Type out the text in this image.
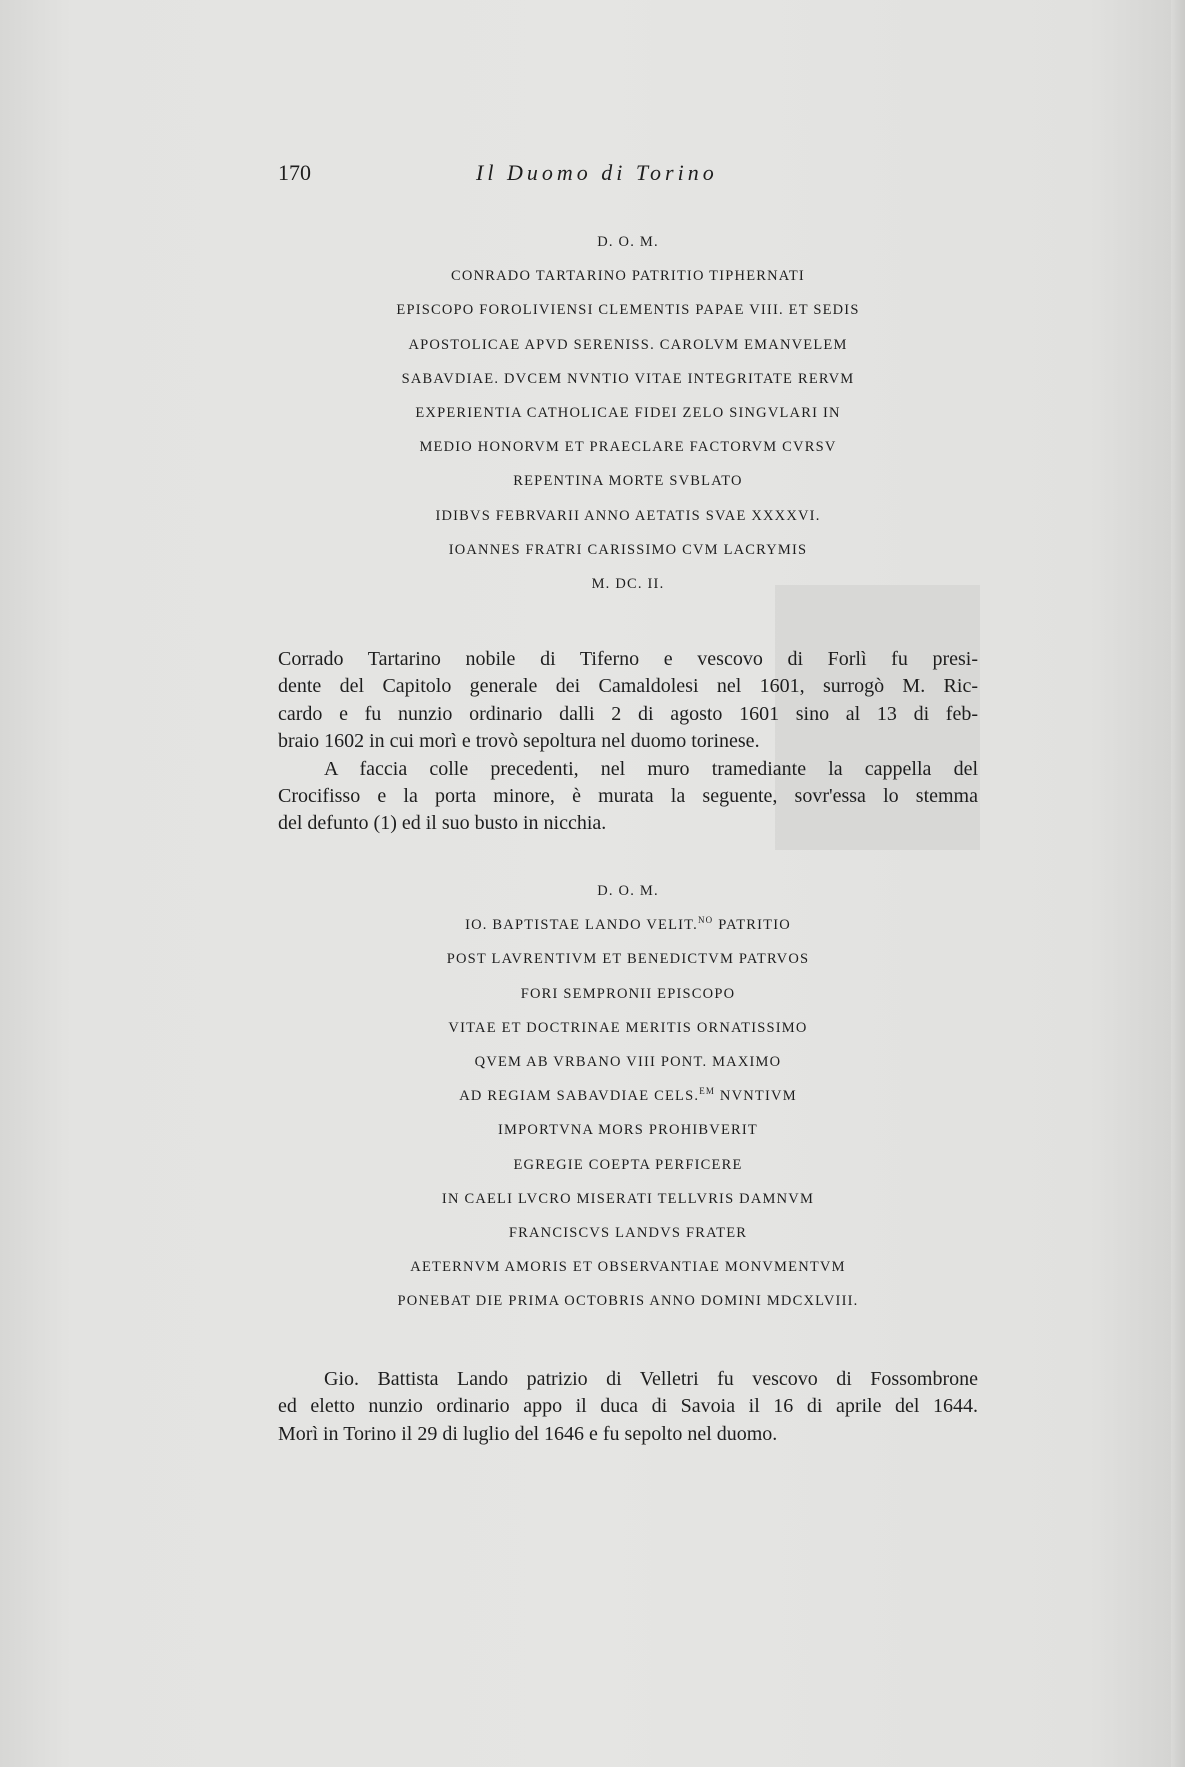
170	Il Duomo di Torino
D. O. M.
CONRADO TARTARINO PATRITIO TIPHERNATI
EPISCOPO FOROLIVIENSI CLEMENTIS PAPAE VIII. ET SEDIS
APOSTOLICAE APVD SERENISS. CAROLVM EMANVELEM
SABAVDIAE. DVCEM NVNTIO VITAE INTEGRITATE RERVM
EXPERIENTIA CATHOLICAE FIDEI ZELO SINGVLARI IN
MEDIO HONORVM ET PRAECLARE FACTORVM CVRSV
REPENTINA MORTE SVBLATO
IDIBVS FEBRVARII ANNO AETATIS SVAE XXXXVI.
IOANNES FRATRI CARISSIMO CVM LACRYMIS
M. DC. II.
Corrado Tartarino nobile di Tiferno e vescovo di Forlì fu presi-
dente del Capitolo generale dei Camaldolesi nel 1601, surrogò M. Ric-
cardo e fu nunzio ordinario dalli 2 di agosto 1601 sino al 13 di feb-
braio 1602 in cui morì e trovò sepoltura nel duomo torinese.
A faccia colle precedenti, nel muro tramediante la cappella del
Crocifisso e la porta minore, è murata la seguente, sovr'essa lo stemma
del defunto (1) ed il suo busto in nicchia.
D. O. M.
IO. BAPTISTAE LANDO VELIT.$^{NO}$ PATRITIO
POST LAVRENTIVM ET BENEDICTVM PATRVOS
FORI SEMPRONII EPISCOPO
VITAE ET DOCTRINAE MERITIS ORNATISSIMO
QVEM AB VRBANO VIII PONT. MAXIMO
AD REGIAM SABAVDIAE CELS.$^{EM}$ NVNTIVM
IMPORTVNA MORS PROHIBVERIT
EGREGIE COEPTA PERFICERE
IN CAELI LVCRO MISERATI TELLVRIS DAMNVM
FRANCISCVS LANDVS FRATER
AETERNVM AMORIS ET OBSERVANTIAE MONVMENTVM
PONEBAT DIE PRIMA OCTOBRIS ANNO DOMINI MDCXLVIII.
Gio. Battista Lando patrizio di Velletri fu vescovo di Fossombrone
ed eletto nunzio ordinario appo il duca di Savoia il 16 di aprile del 1644.
Morì in Torino il 29 di luglio del 1646 e fu sepolto nel duomo.
